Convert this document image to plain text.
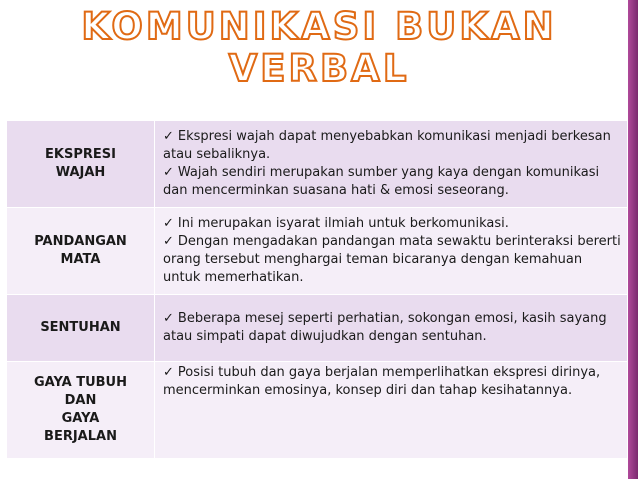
KOMUNIKASI BUKAN
VERBAL
EKSPRESI
WAJAH	✓ Ekspresi wajah dapat menyebabkan komunikasi menjadi berkesan atau sebaliknya.
✓ Wajah sendiri merupakan sumber yang kaya dengan komunikasi dan mencerminkan suasana hati & emosi seseorang.

PANDANGAN
MATA	✓ Ini merupakan isyarat ilmiah untuk berkomunikasi.
✓ Dengan mengadakan pandangan mata sewaktu berinteraksi bererti orang tersebut menghargai teman bicaranya dengan kemahuan untuk memerhatikan.

SENTUHAN	✓ Beberapa mesej seperti perhatian, sokongan emosi, kasih sayang atau simpati dapat diwujudkan dengan sentuhan.

GAYA TUBUH
DAN
GAYA
BERJALAN	✓ Posisi tubuh dan gaya berjalan memperlihatkan ekspresi dirinya, mencerminkan emosinya, konsep diri dan tahap kesihatannya.
